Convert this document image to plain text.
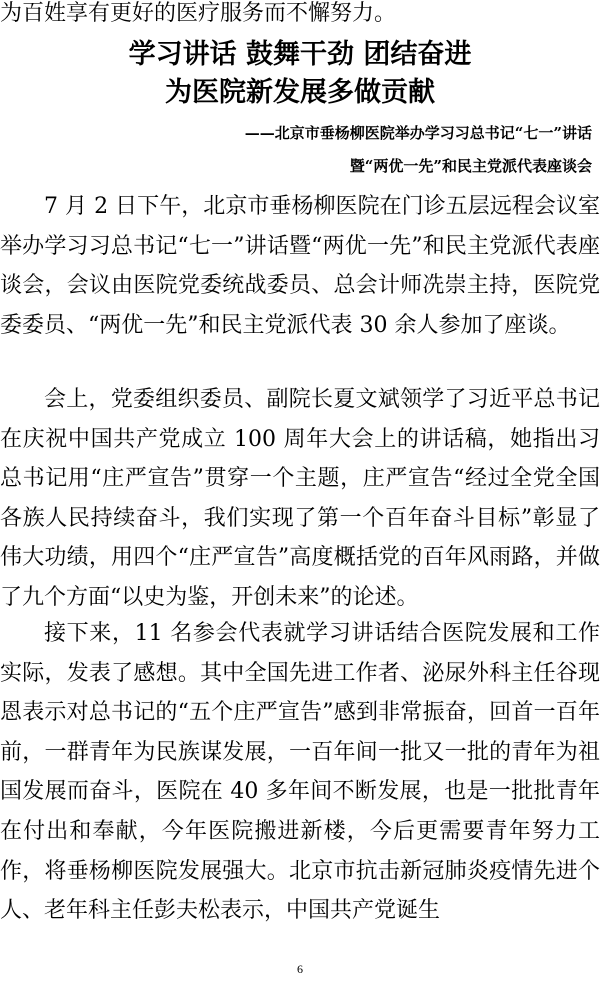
为百姓享有更好的医疗服务而不懈努力。
学习讲话 鼓舞干劲 团结奋进
为医院新发展多做贡献
——北京市垂杨柳医院举办学习习总书记“七一”讲话
暨“两优一先”和民主党派代表座谈会
7 月 2 日下午，北京市垂杨柳医院在门诊五层远程会议室举办学习习总书记“七一”讲话暨“两优一先”和民主党派代表座谈会，会议由医院党委统战委员、总会计师冼崇主持，医院党委委员、“两优一先”和民主党派代表 30 余人参加了座谈。
会上，党委组织委员、副院长夏文斌领学了习近平总书记在庆祝中国共产党成立 100 周年大会上的讲话稿，她指出习总书记用“庄严宣告”贯穿一个主题，庄严宣告“经过全党全国各族人民持续奋斗，我们实现了第一个百年奋斗目标”彰显了伟大功绩，用四个“庄严宣告”高度概括党的百年风雨路，并做了九个方面“以史为鉴，开创未来”的论述。
接下来，11 名参会代表就学习讲话结合医院发展和工作实际，发表了感想。其中全国先进工作者、泌尿外科主任谷现恩表示对总书记的“五个庄严宣告”感到非常振奋，回首一百年前，一群青年为民族谋发展，一百年间一批又一批的青年为祖国发展而奋斗，医院在 40 多年间不断发展，也是一批批青年在付出和奉献，今年医院搬进新楼，今后更需要青年努力工作，将垂杨柳医院发展强大。北京市抗击新冠肺炎疫情先进个人、老年科主任彭夫松表示，中国共产党诞生
6
